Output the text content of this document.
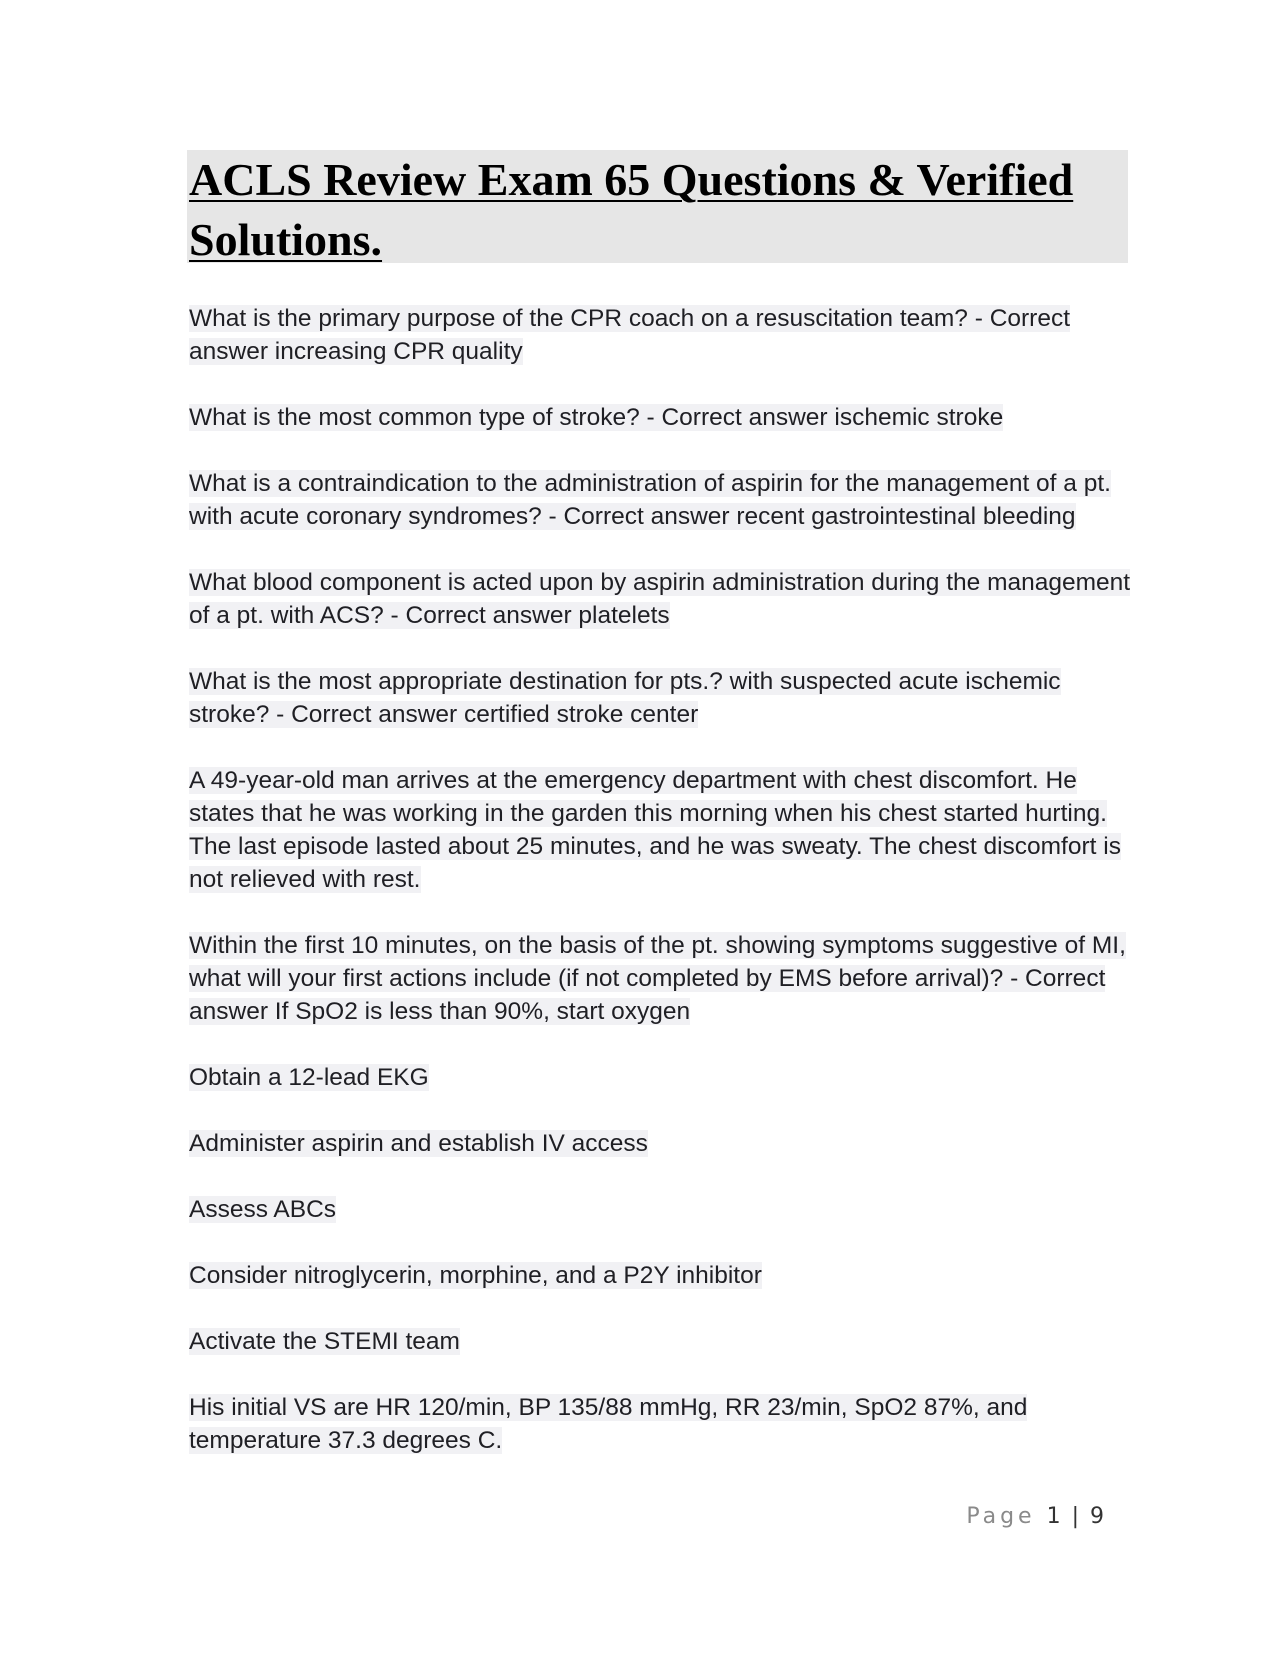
ACLS Review Exam 65 Questions & Verified Solutions.

What is the primary purpose of the CPR coach on a resuscitation team? - Correct answer increasing CPR quality

What is the most common type of stroke? - Correct answer ischemic stroke

What is a contraindication to the administration of aspirin for the management of a pt. with acute coronary syndromes? - Correct answer recent gastrointestinal bleeding

What blood component is acted upon by aspirin administration during the management of a pt. with ACS? - Correct answer platelets

What is the most appropriate destination for pts.? with suspected acute ischemic stroke? - Correct answer certified stroke center

A 49-year-old man arrives at the emergency department with chest discomfort. He states that he was working in the garden this morning when his chest started hurting. The last episode lasted about 25 minutes, and he was sweaty. The chest discomfort is not relieved with rest.

Within the first 10 minutes, on the basis of the pt. showing symptoms suggestive of MI, what will your first actions include (if not completed by EMS before arrival)? - Correct answer If SpO2 is less than 90%, start oxygen

Obtain a 12-lead EKG

Administer aspirin and establish IV access

Assess ABCs

Consider nitroglycerin, morphine, and a P2Y inhibitor

Activate the STEMI team

His initial VS are HR 120/min, BP 135/88 mmHg, RR 23/min, SpO2 87%, and temperature 37.3 degrees C.

Page 1 | 9
